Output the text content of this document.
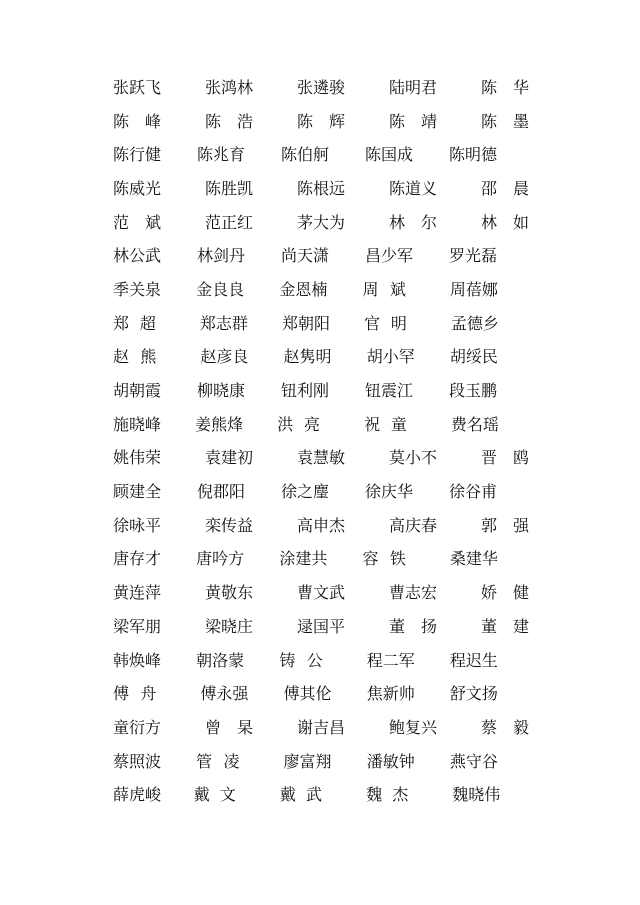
张跃飞	张鸿林	张遴骏	陆明君	陈 华
陈 峰	陈 浩	陈 辉	陈 靖	陈 墨
陈行健	陈兆育	陈伯舸	陈国成	陈明德
陈威光	陈胜凯	陈根远	陈道义	邵 晨
范 斌	范正红	茅大为	林 尔	林 如
林公武	林剑丹	尚天潇	昌少军	罗光磊
季关泉	金良良	金恩楠	周 斌	周蓓娜
郑 超	郑志群	郑朝阳	官 明	孟德乡
赵 熊	赵彦良	赵隽明	胡小罕	胡绥民
胡朝霞	柳晓康	钮利刚	钮震江	段玉鹏
施晓峰	姜熊烽	洪 亮	祝 童	费名瑶
姚伟荣	袁建初	袁慧敏	莫小不	晋 鸥
顾建全	倪郡阳	徐之麈	徐庆华	徐谷甫
徐咏平	栾传益	高申杰	高庆春	郭 强
唐存才	唐吟方	涂建共	容 铁	桑建华
黄连萍	黄敬东	曹文武	曹志宏	娇 健
梁军朋	梁晓庄	逯国平	董 扬	董 建
韩焕峰	朝洛蒙	铸 公	程二军	程迟生
傅 舟	傅永强	傅其伦	焦新帅	舒文扬
童衍方	曾 杲	谢吉昌	鲍复兴	蔡 毅
蔡照波	管 凌	廖富翔	潘敏钟	燕守谷
薛虎峻	戴 文	戴 武	魏 杰	魏晓伟
